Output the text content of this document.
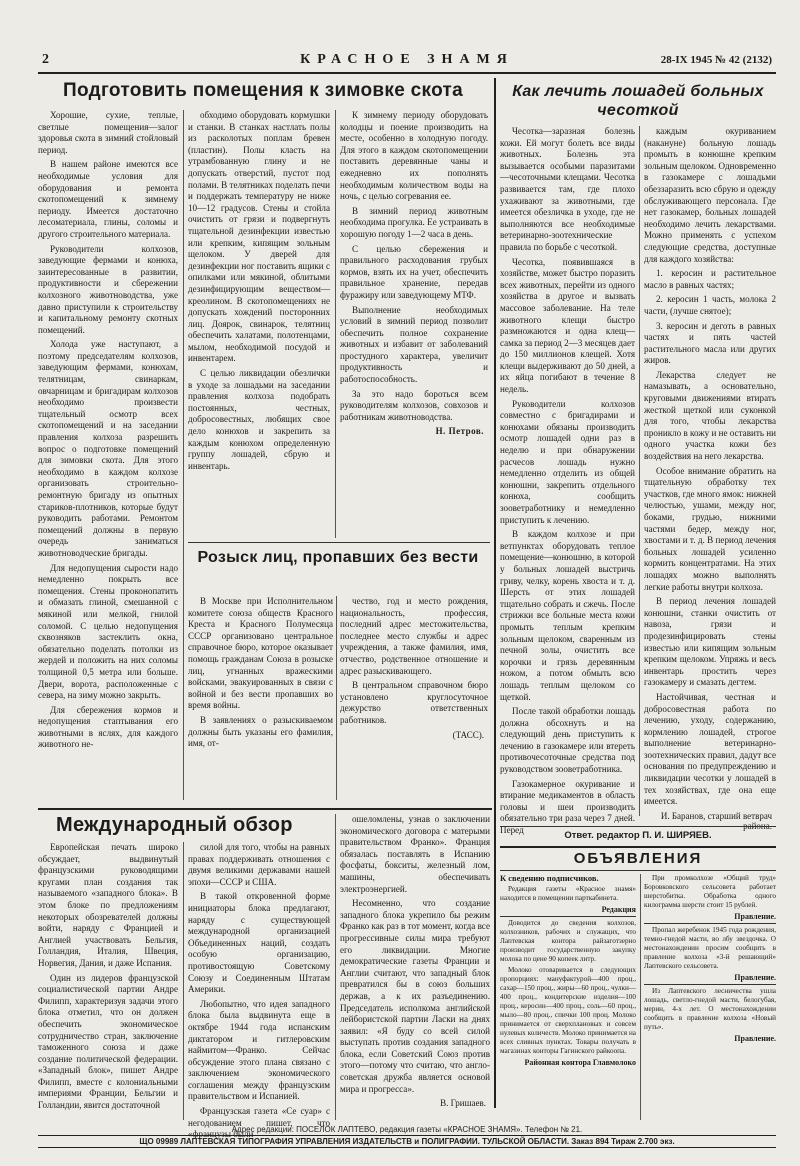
2	КРАСНОЕ ЗНАМЯ	28-IX 1945 № 42 (2132)
Подготовить помещения к зимовке скота

Хорошие, сухие, теплые, светлые помещения—залог здоровья скота в зимний стойловый период.

В нашем районе имеются все необходимые условия для оборудования и ремонта скотопомещений к зимнему периоду. Имеется достаточно лесоматериала, глины, соломы и другого строительного материала.

Руководители колхозов, заведующие фермами и конюха, заинтересованные в развитии, продуктивности и сбережении колхозного животноводства, уже давно приступили к строительству и капитальному ремонту скотных помещений.

Холода уже наступают, а поэтому председателям колхозов, заведующим фермами, конюхам, телятницам, свинаркам, овчарницам и бригадирам колхозов необходимо произвести тщательный осмотр всех скотопомещений и на заседании правления колхоза разрешить вопрос о подготовке помещений для зимовки скота. Для этого необходимо в каждом колхозе организовать строительно-ремонтную бригаду из опытных стариков-плотников, которые будут руководить работами. Ремонтом помещений должны в первую очередь заниматься животноводческие бригады.

Для недопущения сырости надо немедленно покрыть все помещения. Стены проконопатить и обмазать глиной, смешанной с мякиной или мелкой, гнилой соломой. С целью недопущения сквозняков застеклить окна, обязательно поделать потолки из жердей и положить на них соломы толщиной 0,5 метра или больше. Двери, ворота, расположенные с севера, на зиму можно закрыть.

Для сбережения кормов и недопущения стаптывания его животными в яслях, для каждого животного не-

обходимо оборудовать кормушки и станки. В станках настлать полы из расколотых поплам бревен (пластин). Полы класть на утрамбованную глину и не допускать отверстий, пустот под полами. В телятниках поделать печи и поддержать температуру не ниже 10—12 градусов. Стены и стойла очистить от грязи и подвергнуть тщательной дезинфекции известью или крепким, кипящим зольным щелоком. У дверей для дезинфекции ног поставить ящики с опилками или мякиной, облитыми дезинфицирующим веществом—креолином. В скотопомещениях не допускать хождений посторонних лиц. Доярок, свинарок, телятниц обеспечить халатами, полотенцами, мылом, необходимой посудой и инвентарем.

С целью ликвидации обезлички в уходе за лошадьми на заседании правления колхоза подобрать постоянных, честных, добросовестных, любящих свое дело конюхов и закрепить за каждым конюхом определенную группу лошадей, сбрую и инвентарь.

К зимнему периоду оборудовать колодцы и поение производить на месте, особенно в холодную погоду. Для этого в каждом скотопомещении поставить деревянные чаны и ежедневно их пополнять необходимым количеством воды на ночь, с целью согревания ее.

В зимний период животным необходима прогулка. Ее устраивать в хорошую погоду 1—2 часа в день.

С целью сбережения и правильного расходования грубых кормов, взять их на учет, обеспечить правильное хранение, передав фуражиру или заведующему МТФ.

Выполнение необходимых условий в зимний период позволит обеспечить полное сохранение животных и избавит от заболеваний простудного характера, увеличит продуктивность и работоспособность.

За это надо бороться всем руководителям колхозов, совхозов и работникам животноводства.

Н. Петров.
Как лечить лошадей больных чесоткой

Чесотка—заразная болезнь кожи. Ей могут болеть все виды животных. Болезнь эта вызывается особыми паразитами—чесоточными клещами. Чесотка развивается там, где плохо ухаживают за животными, где имеется обезличка в уходе, где не выполняются все необходимые ветеринарно-зоотехнические правила по борьбе с чесоткой.

Чесотка, появившаяся в хозяйстве, может быстро поразить всех животных, перейти из одного хозяйства в другое и вызвать массовое заболевание. На теле животного клещи быстро размножаются и одна клещ—самка за период 2—3 месяцев дает до 150 миллионов клещей. Хотя клещи выдерживают до 50 дней, а их яйца погибают в течение 8 недель.

Руководители колхозов совместно с бригадирами и конюхами обязаны производить осмотр лошадей одни раз в неделю и при обнаружении расчесов лошадь нужно немедленно отделить из общей конюшни, закрепить отдельного конюха, сообщить зооветработнику и немедленно приступить к лечению.

В каждом колхозе и при ветпунктах оборудовать теплое помещение—конюшню, в которой у больных лошадей выстричь гриву, челку, корень хвоста и т. д. Шерсть от этих лошадей тщательно собрать и сжечь. После стрижки все больные места кожи промыть теплым крепким зольным щелоком, сваренным из печной золы, очистить все корочки и грязь деревянным ножом, а потом обмыть всю лошадь теплым щелоком со щеткой.

После такой обработки лошадь должна обсохнуть и на следующий день приступить к лечению в газокамере или втереть противочесоточные средства под руководством зооветработника.

Газокамерное окуривание и втирание медикаментов в область головы и шеи производить обязательно три раза через 7 дней. Перед

каждым окуриванием (накануне) больную лошадь промыть в конюшне крепким зольным щелоком. Одновременно в газокамере с лошадьми обеззаразить всю сбрую и одежду обслуживающего персонала. Где нет газокамер, больных лошадей необходимо лечить лекарствами. Можно применять с успехом следующие средства, доступные для каждого хозяйства:

1. керосин и растительное масло в равных частях;

2. керосин 1 часть, молока 2 части, (лучше снятое);

3. керосин и деготь в равных частях и пять частей растительного масла или других жиров.

Лекарства следует не намазывать, а основательно, круговыми движениями втирать жесткой щеткой или суконкой для того, чтобы лекарства проникло в кожу и не оставить ни одного участка кожи без воздействия на него лекарства.

Особое внимание обратить на тщательную обработку тех участков, где много ямок: нижней челюстью, ушами, между ног, боками, грудью, нижними частями бедер, между ног, хвостами и т. д. В период лечения больных лошадей усиленно кормить концентратами. На этих лошадях можно выполнять легкие работы внутри колхоза.

В период лечения лошадей конюшни, станки очистить от навоза, грязи и продезинфицировать стены известью или кипящим зольным крепким щелоком. Упряжь и весь инвентарь простить через газокамеру и смазать дегтем.

Настойчивая, честная и добросовестная работа по лечению, уходу, содержанию, кормлению лошадей, строгое выполнение ветеринарно-зоотехнических правил, дадут все основания по предупреждению и ликвидации чесотки у лошадей в тех хозяйствах, где она еще имеется.

И. Баранов, старший ветврач района.
Розыск лиц, пропавших без вести

В Москве при Исполнительном комитете союза обществ Красного Креста и Красного Полумесяца СССР организовано центральное справочное бюро, которое оказывает помощь гражданам Союза в розыске лиц, угнанных вражескими войсками, эвакуированных в связи с войной и без вести пропавших во время войны.

В заявлениях о разыскиваемом должны быть указаны его фамилия, имя, от-

чество, год и место рождения, национальность, профессия, последний адрес местожительства, последнее место службы и адрес учреждения, а также фамилия, имя, отчество, родственное отношение и адрес разыскивающего.

В центральном справочном бюро установлено круглосуточное дежурство ответственных работников.

(ТАСС).
Международный обзор

Европейская печать широко обсуждает, выдвинутый французскими руководящими кругами план создания так называемого «западного блока». В этом блоке по предложениям некоторых обозревателей должны войти, наряду с Францией и Англией участвовать Бельгия, Голландия, Италия, Швеция, Норвегия, Дания, и даже Испания.

Один из лидеров французской социалистической партии Андре Филипп, характеризуя задачи этого блока отметил, что он должен обеспечить экономическое сотрудничество стран, заключение таможенного союза и даже создание политической федерации. «Западный блок», пишет Андре Филипп, вместе с колониальными империями Франции, Бельгии и Голландии, явится достаточной

силой для того, чтобы на равных правах поддерживать отношения с двумя великими державами нашей эпохи—СССР и США.

В такой откровенной форме инициаторы блока предлагают, наряду с существующей международной организацией Объединенных наций, создать особую организацию, противостоящую Советскому Союзу и Соединенным Штатам Америки.

Любопытно, что идея западного блока была выдвинута еще в октябре 1944 года испанским диктатором и гитлеровским наймитом—Франко. Сейчас обсуждение этого плана связано с заключением экономического соглашения между французским правительством и Испанией.

Французская газета «Се суар» с негодованием пишет, что «французы были

ошеломлены, узнав о заключении экономического договора с матерыми правительством Франко». Франция обязалась поставлять в Испанию фосфаты, бокситы, железный лом, машины, обеспечивать электроэнергией.

Несомненно, что создание западного блока укрепило бы режим Франко как раз в тот момент, когда все прогрессивные силы мира требуют его ликвидации. Многие демократические газеты Франции и Англии считают, что западный блок превратился бы в союз больших держав, а к их разъединению. Председатель исполкома английской лейбористской партии Ласки на днях заявил: «Я буду со всей силой выступать против создания западного блока, если Советский Союз против этого—потому что считаю, что англо-советская дружба является основой мира и прогресса».

В. Гришаев.
Ответ. редактор П. И. ШИРЯЕВ.
ОБЪЯВЛЕНИЯ

К сведению подписчиков.

Редакция газеты «Красное знамя» находится в помещении парткабинета.

Редакция

Доводится до сведения колхозов, колхозников, рабочих и служащих, что Лаптевская контора райзаготзерно производит государственную закупку молока по цене 90 копеек литр.

Молоко отоваривается в следующих пропорциях: мануфактурой—400 проц., сахар—150 проц., жиры—60 проц., чулки—400 проц., кондитерские изделия—100 проц., керосин—400 проц., соль—60 проц., мыло—80 проц., спички 100 проц. Молоко принимается от сверхплановых и совсем нулевых количеств. Молоко принимается на всех сливных пунктах. Товары получать в магазинах конторы Гагинского райкоопа.

Районная контора Главмолоко

При промколхозе «Общий труд» Боровковского сельсовета работает шерстобитка. Обработка одного килограмма шерсти стоит 15 рублей.

Правление.

Пропал жеребенок 1945 года рождения, темно-гнедой масти, во лбу звездочка. О местонахождении просим сообщить в правление колхоза «3-й решающий» Лаптевского сельсовета.

Правление.

Из Лаптевского лесничества ушла лошадь, светло-гнедой масти, белогубая, мерин, 4-х лет. О местонахождении сообщить в правление колхоза «Новый путь».

Правление.

Адрес редакции: ПОСЕЛОК ЛАПТЕВО, редакция газеты «КРАСНОЕ ЗНАМЯ». Телефон № 21.
ЩО 09989 ЛАПТЕВСКАЯ ТИПОГРАФИЯ УПРАВЛЕНИЯ ИЗДАТЕЛЬСТВ и ПОЛИГРАФИИ. ТУЛЬСКОЙ ОБЛАСТИ. Заказ 894 Тираж 2.700 экз.
